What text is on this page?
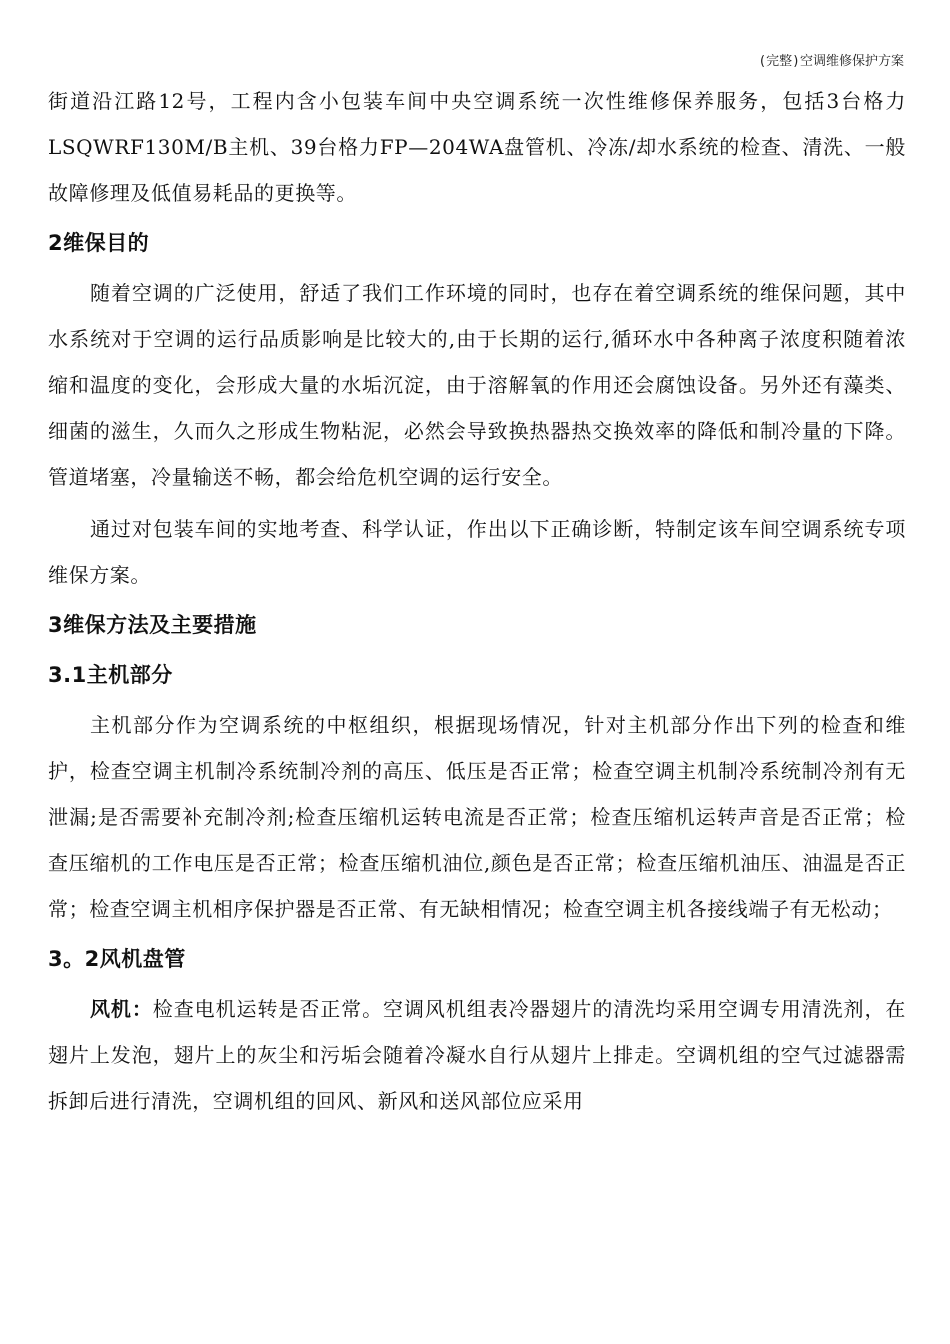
(完整)空调维修保护方案

街道沿江路12号，工程内含小包装车间中央空调系统一次性维修保养服务，包括3台格力LSQWRF130M/B主机、39台格力FP—204WA盘管机、冷冻/却水系统的检查、清洗、一般故障修理及低值易耗品的更换等。

2维保目的

随着空调的广泛使用，舒适了我们工作环境的同时，也存在着空调系统的维保问题，其中水系统对于空调的运行品质影响是比较大的,由于长期的运行,循环水中各种离子浓度积随着浓缩和温度的变化，会形成大量的水垢沉淀，由于溶解氧的作用还会腐蚀设备。另外还有藻类、细菌的滋生，久而久之形成生物粘泥，必然会导致换热器热交换效率的降低和制冷量的下降。管道堵塞，冷量输送不畅，都会给危机空调的运行安全。

通过对包装车间的实地考查、科学认证，作出以下正确诊断，特制定该车间空调系统专项维保方案。

3维保方法及主要措施
3.1主机部分

主机部分作为空调系统的中枢组织，根据现场情况，针对主机部分作出下列的检查和维护，检查空调主机制冷系统制冷剂的高压、低压是否正常；检查空调主机制冷系统制冷剂有无泄漏;是否需要补充制冷剂;检查压缩机运转电流是否正常；检查压缩机运转声音是否正常；检查压缩机的工作电压是否正常；检查压缩机油位,颜色是否正常；检查压缩机油压、油温是否正常；检查空调主机相序保护器是否正常、有无缺相情况；检查空调主机各接线端子有无松动；

3。2风机盘管

风机：检查电机运转是否正常。空调风机组表冷器翅片的清洗均采用空调专用清洗剂，在翅片上发泡，翅片上的灰尘和污垢会随着冷凝水自行从翅片上排走。空调机组的空气过滤器需拆卸后进行清洗，空调机组的回风、新风和送风部位应采用
